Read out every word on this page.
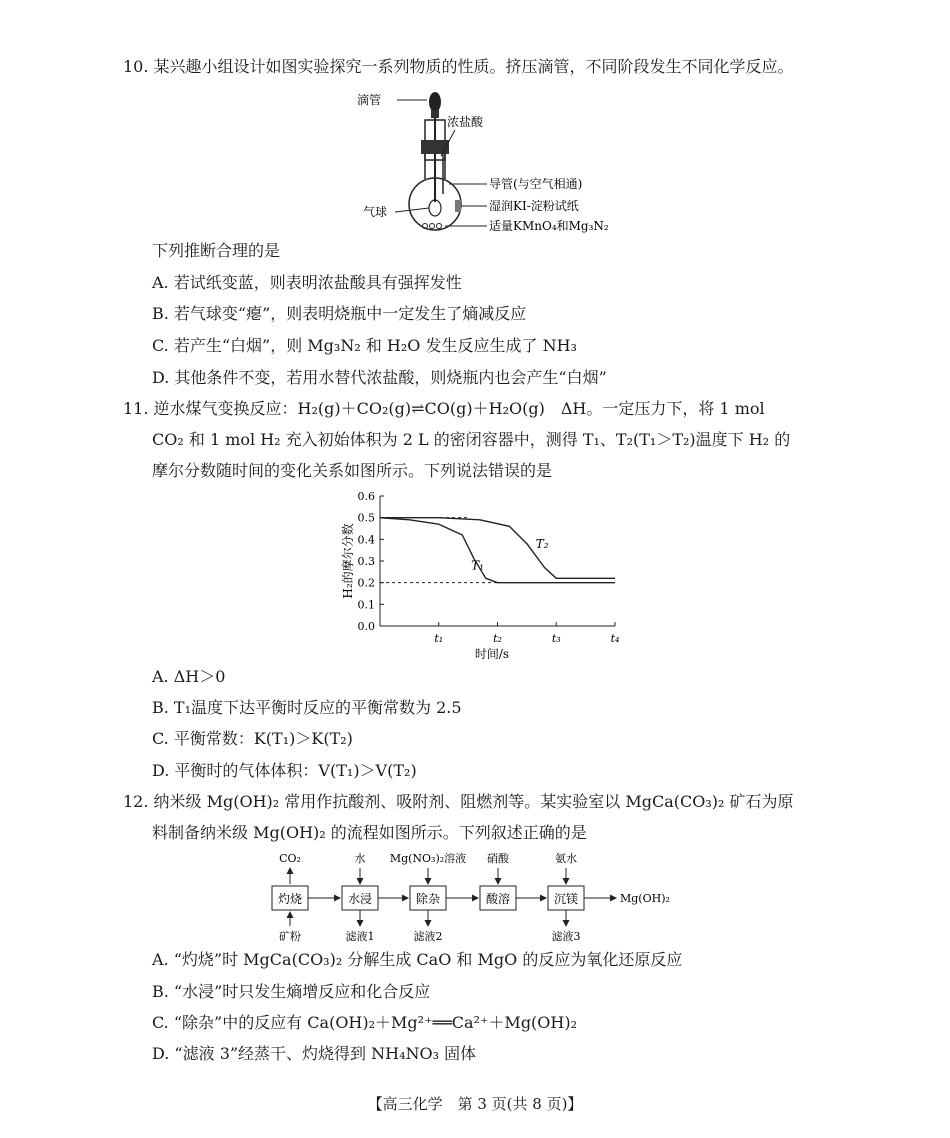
10. 某兴趣小组设计如图实验探究一系列物质的性质。挤压滴管，不同阶段发生不同化学反应。
滴管
浓盐酸
导管(与空气相通)
气球	湿润KI-淀粉试纸
适量KMnO₄和Mg₃N₂
下列推断合理的是
A. 若试纸变蓝，则表明浓盐酸具有强挥发性
B. 若气球变“瘪”，则表明烧瓶中一定发生了熵减反应
C. 若产生“白烟”，则 Mg₃N₂ 和 H₂O 发生反应生成了 NH₃
D. 其他条件不变，若用水替代浓盐酸，则烧瓶内也会产生“白烟”
11. 逆水煤气变换反应：H₂(g)＋CO₂(g)⇌CO(g)＋H₂O(g)　ΔH。一定压力下，将 1 mol
CO₂ 和 1 mol H₂ 充入初始体积为 2 L 的密闭容器中，测得 T₁、T₂(T₁＞T₂)温度下 H₂ 的
摩尔分数随时间的变化关系如图所示。下列说法错误的是
0.0
0.1
0.2
0.3
0.4
0.5
0.6
t₁	t₂	t₃	t₄
T₁
T₂
H₂的摩尔分数
时间/s
A. ΔH＞0
B. T₁温度下达平衡时反应的平衡常数为 2.5
C. 平衡常数：K(T₁)＞K(T₂)
D. 平衡时的气体体积：V(T₁)＞V(T₂)
12. 纳米级 Mg(OH)₂ 常用作抗酸剂、吸附剂、阻燃剂等。某实验室以 MgCa(CO₃)₂ 矿石为原
料制备纳米级 Mg(OH)₂ 的流程如图所示。下列叙述正确的是
灼烧	水浸	除杂	酸溶	沉镁	Mg(OH)₂
CO₂	水 Mg(NO₃)₂溶液 硝酸	氨水
矿粉	滤液1	滤液2	滤液3
A. “灼烧”时 MgCa(CO₃)₂ 分解生成 CaO 和 MgO 的反应为氧化还原反应
B. “水浸”时只发生熵增反应和化合反应
C. “除杂”中的反应有 Ca(OH)₂＋Mg²⁺══Ca²⁺＋Mg(OH)₂
D. “滤液 3”经蒸干、灼烧得到 NH₄NO₃ 固体
【高三化学　第 3 页(共 8 页)】
